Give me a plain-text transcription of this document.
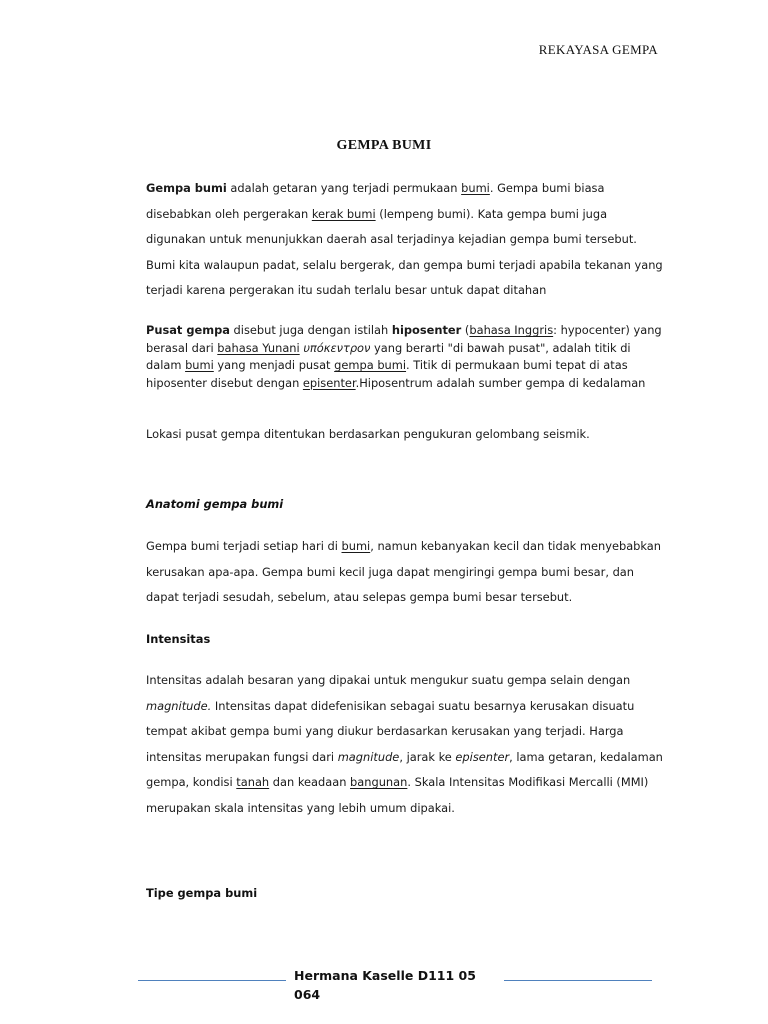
REKAYASA GEMPA
GEMPA BUMI
Gempa bumi adalah getaran yang terjadi permukaan bumi. Gempa bumi biasa disebabkan oleh pergerakan kerak bumi (lempeng bumi). Kata gempa bumi juga digunakan untuk menunjukkan daerah asal terjadinya kejadian gempa bumi tersebut. Bumi kita walaupun padat, selalu bergerak, dan gempa bumi terjadi apabila tekanan yang terjadi karena pergerakan itu sudah terlalu besar untuk dapat ditahan
Pusat gempa disebut juga dengan istilah hiposenter (bahasa Inggris: hypocenter) yang berasal dari bahasa Yunani υπόκεντρον yang berarti "di bawah pusat", adalah titik di dalam bumi yang menjadi pusat gempa bumi. Titik di permukaan bumi tepat di atas hiposenter disebut dengan episenter.Hiposentrum adalah sumber gempa di kedalaman
Lokasi pusat gempa ditentukan berdasarkan pengukuran gelombang seismik.
Anatomi gempa bumi
Gempa bumi terjadi setiap hari di bumi, namun kebanyakan kecil dan tidak menyebabkan kerusakan apa-apa. Gempa bumi kecil juga dapat mengiringi gempa bumi besar, dan dapat terjadi sesudah, sebelum, atau selepas gempa bumi besar tersebut.
Intensitas
Intensitas adalah besaran yang dipakai untuk mengukur suatu gempa selain dengan magnitude. Intensitas dapat didefenisikan sebagai suatu besarnya kerusakan disuatu tempat akibat gempa bumi yang diukur berdasarkan kerusakan yang terjadi. Harga intensitas merupakan fungsi dari magnitude, jarak ke episenter, lama getaran, kedalaman gempa, kondisi tanah dan keadaan bangunan. Skala Intensitas Modifikasi Mercalli (MMI) merupakan skala intensitas yang lebih umum dipakai.
Tipe gempa bumi
Hermana Kaselle D111 05 064
